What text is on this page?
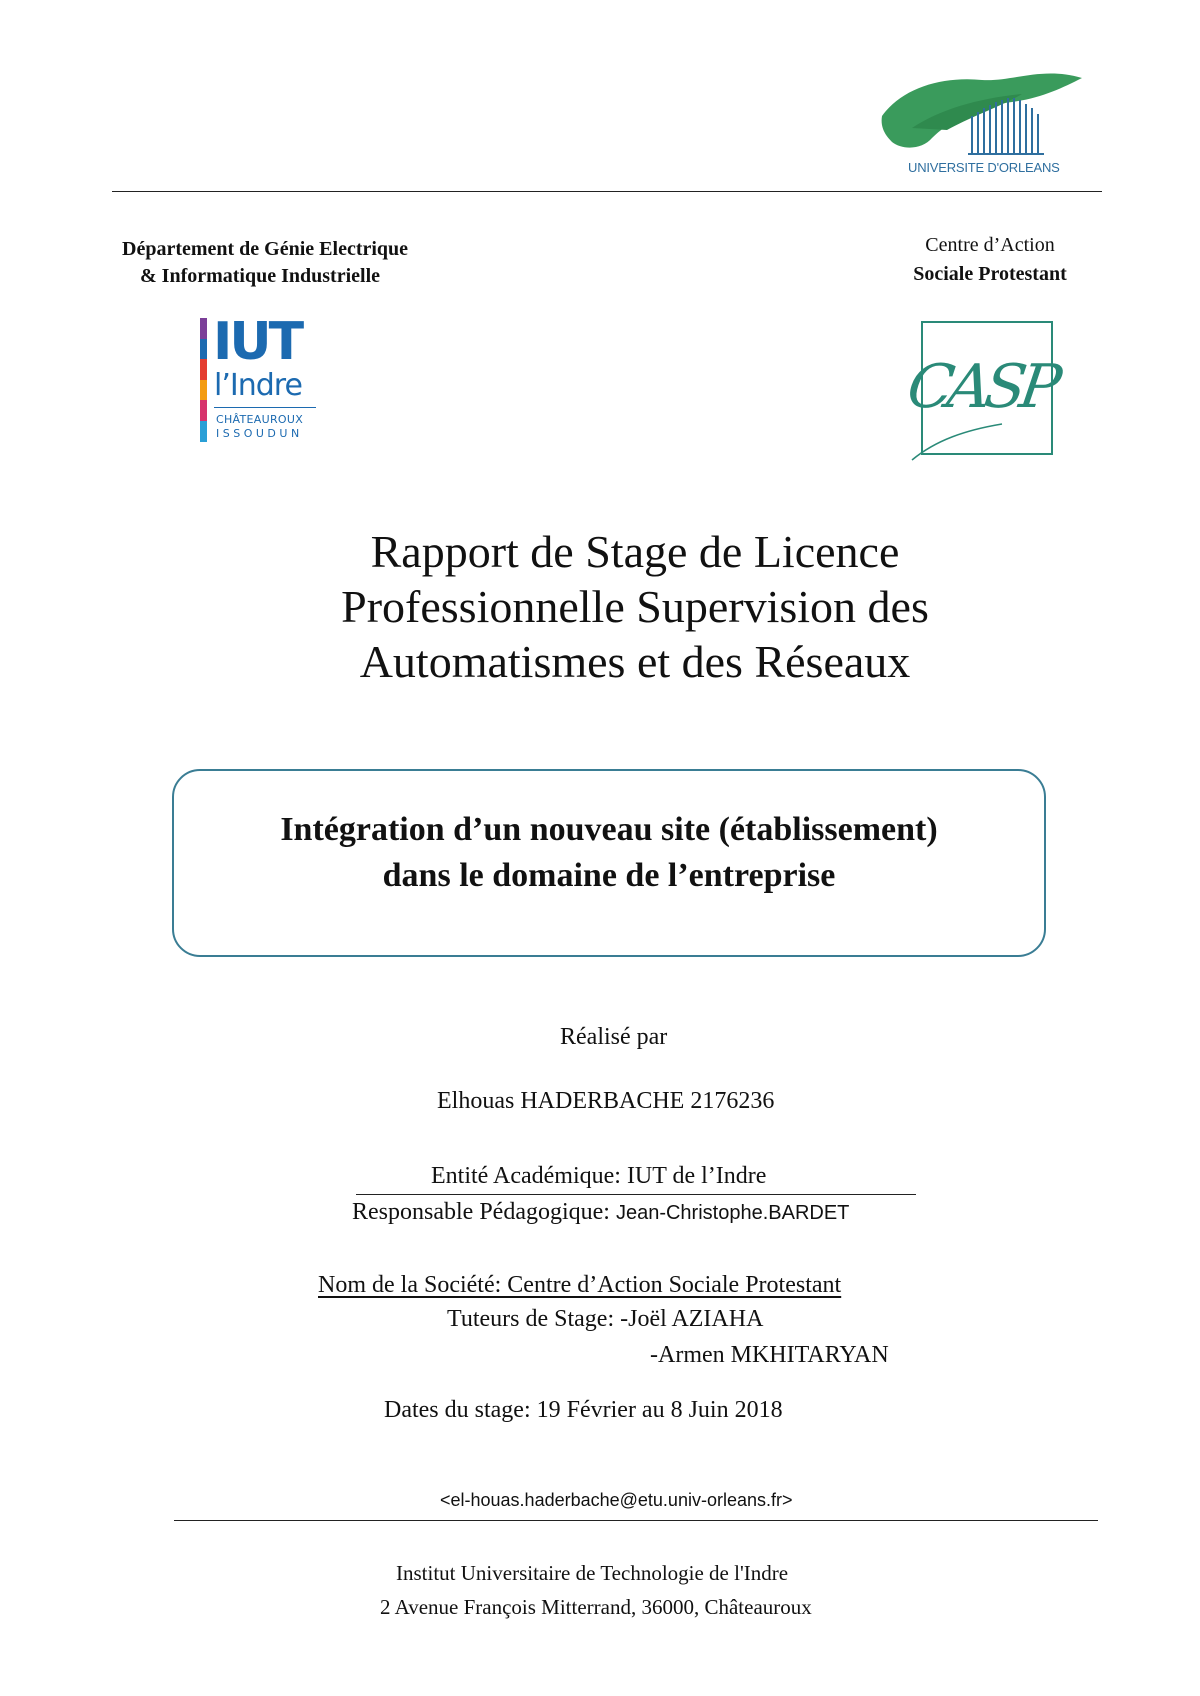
UNIVERSITE D'ORLEANS
Département de Génie Electrique
& Informatique Industrielle
Centre d’Action
Sociale Protestant
IUT
l’Indre
CHÂTEAUROUX
ISSOUDUN
CASP
Rapport de Stage de Licence
Professionnelle Supervision des
Automatismes et des Réseaux
Intégration d’un nouveau site (établissement)
dans le domaine de l’entreprise
Réalisé par
Elhouas HADERBACHE 2176236
Entité Académique: IUT de l’Indre
Responsable Pédagogique: Jean-Christophe.BARDET
Nom de la Société: Centre d’Action Sociale Protestant
Tuteurs de Stage: -Joël AZIAHA
-Armen MKHITARYAN
Dates du stage: 19 Février au 8 Juin 2018
<el-houas.haderbache@etu.univ-orleans.fr>
Institut Universitaire de Technologie de l'Indre
2 Avenue François Mitterrand, 36000, Châteauroux
